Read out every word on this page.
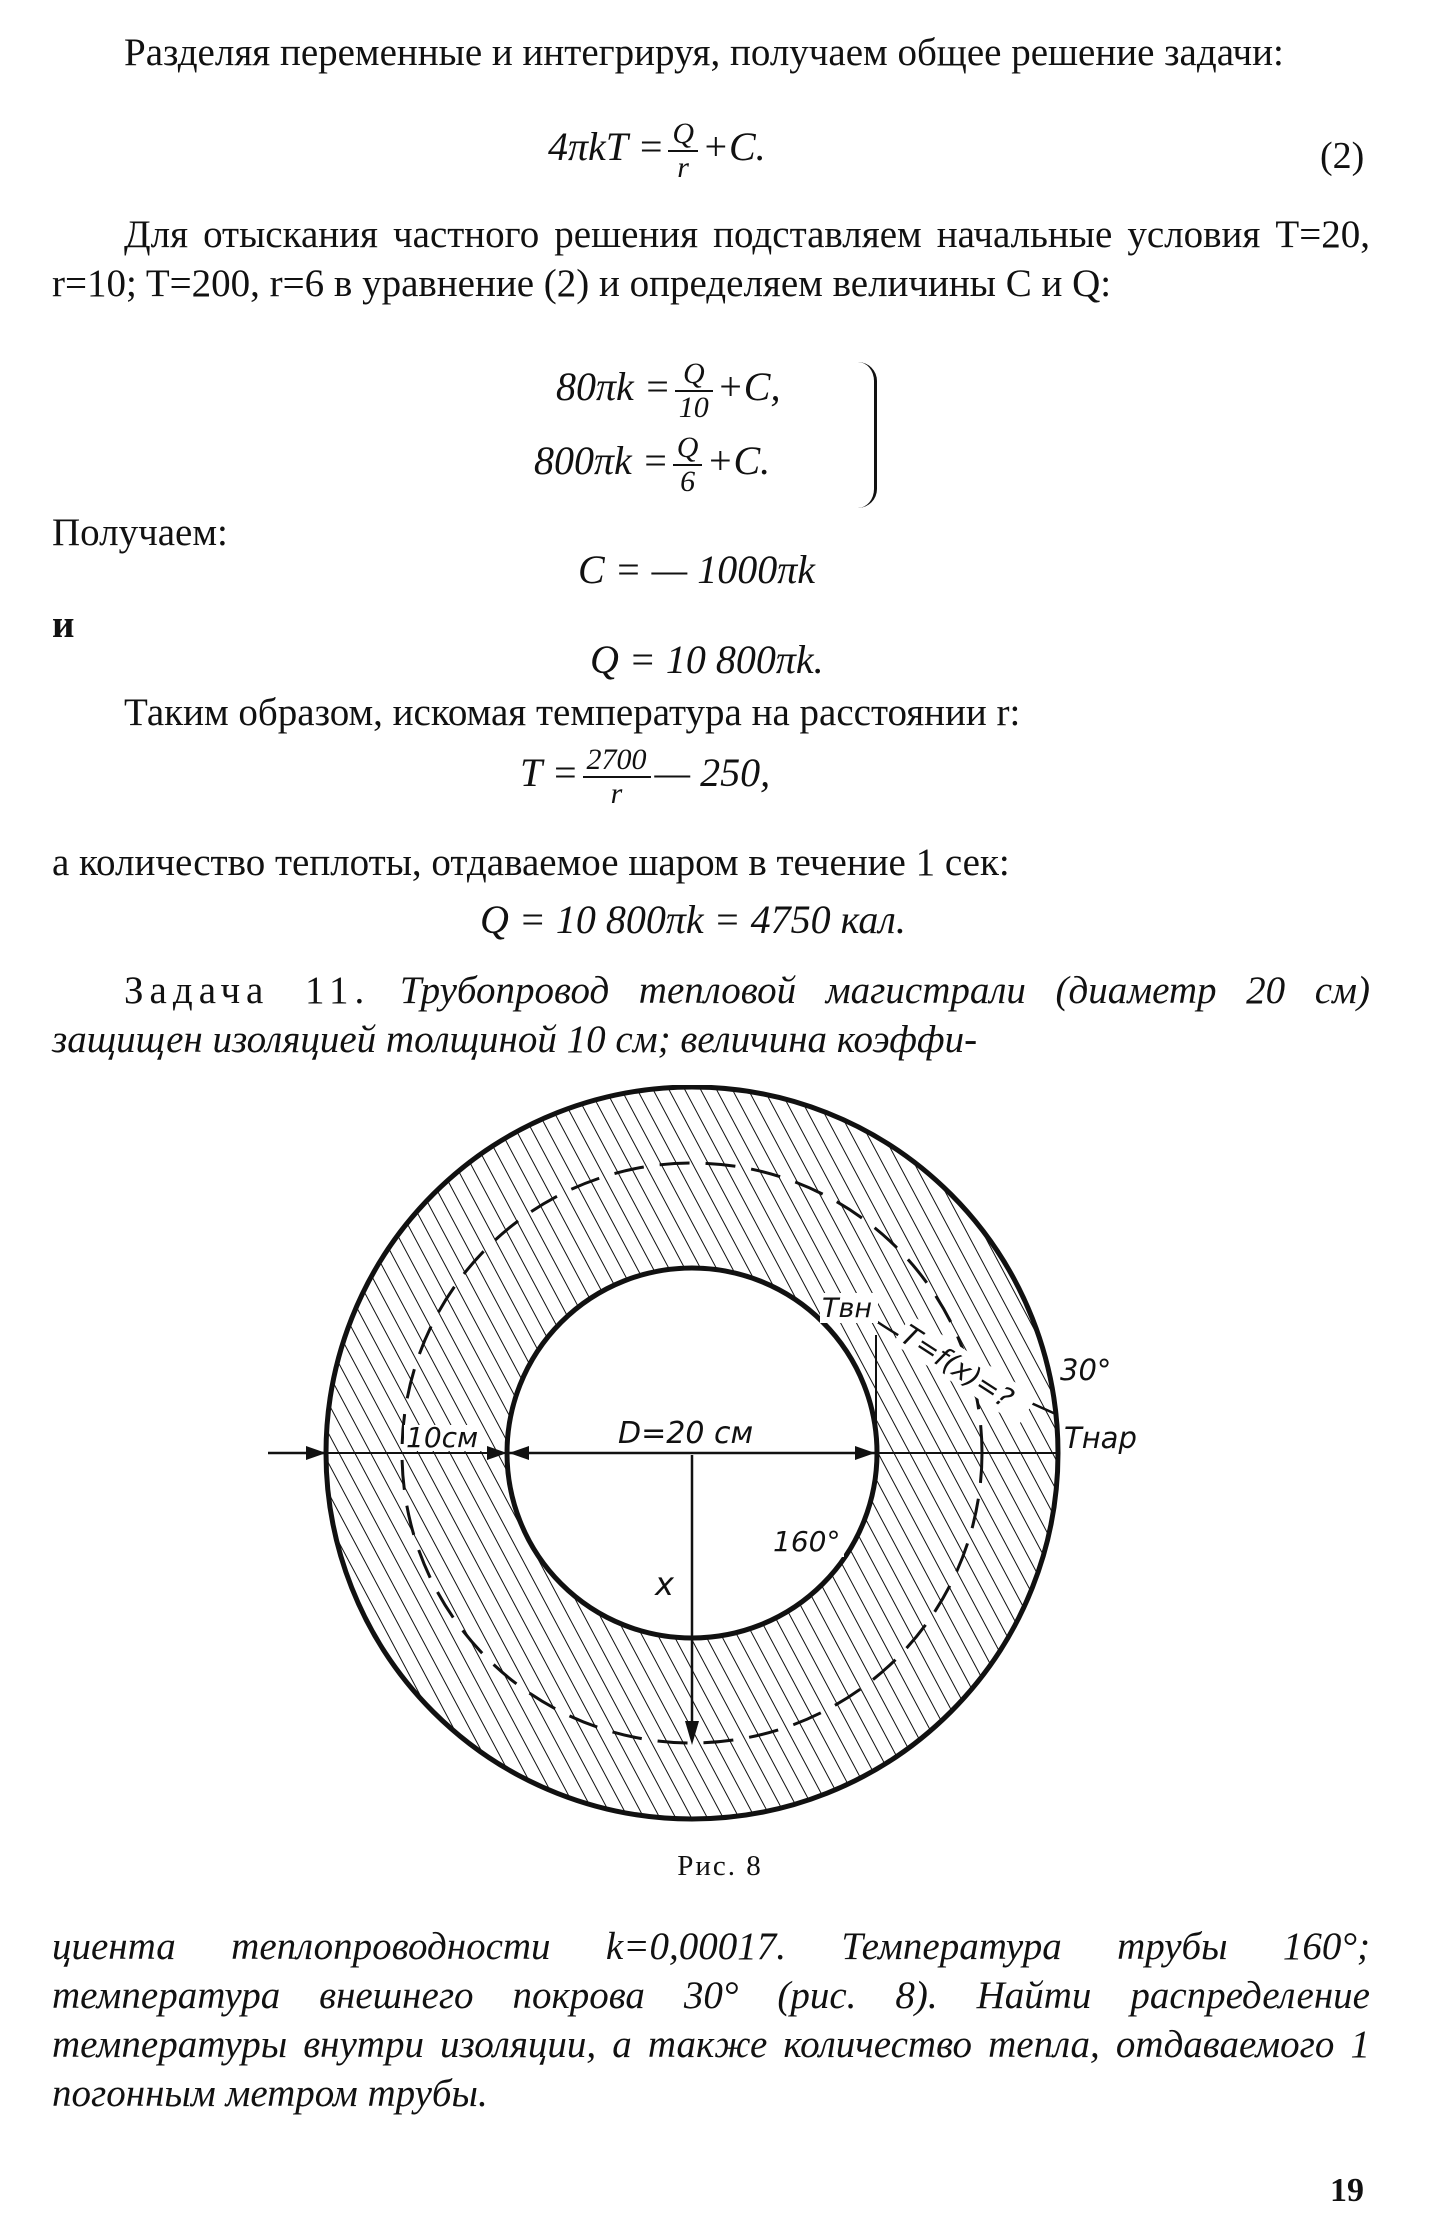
Разделяя переменные и интегрируя, получаем общее решение задачи:

$4\pi kT = \frac{Q}{r} +C$.	(2)

Для отыскания частного решения подставляем начальные условия T=20, r=10; T=200, r=6 в уравнение (2) и определяем величины C и Q:

$80\pi k = \frac{Q}{10} +C$,
$800\pi k = \frac{Q}{6} +C$.

Получаем:

C = — 1000πk

и

Q = 10 800πk.

Таким образом, искомая температура на расстоянии r:

$T = \frac{2700}{r}$ — 250,

а количество теплоты, отдаваемое шаром в течение 1 сек:

Q = 10 800πk = 4750 кал.

Задача 11. Трубопровод тепловой магистрали (диаметр 20 см) защищен изоляцией толщиной 10 см; величина коэффи-

10см	D=20 см
Tвн
T=f(x)=? 30°
Tнар
160°
x
Рис. 8

циента теплопроводности k=0,00017. Температура трубы 160°; температура внешнего покрова 30° (рис. 8). Найти распределение температуры внутри изоляции, а также количество тепла, отдаваемого 1 погонным метром трубы.

19
